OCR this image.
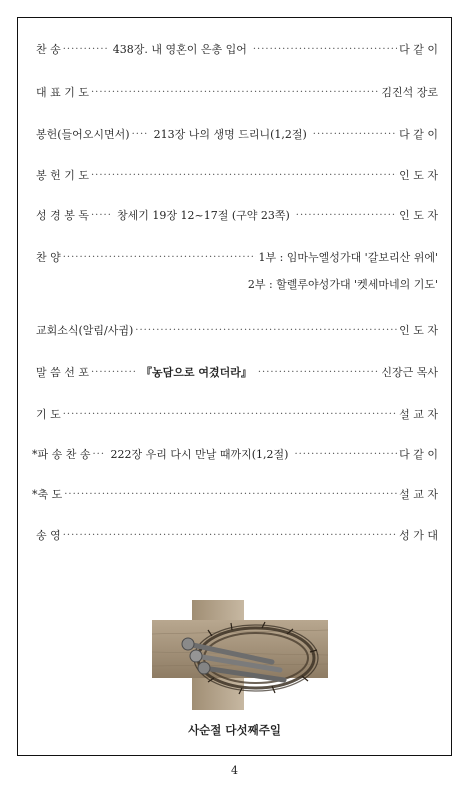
찬 송 ·····	438장. 내 영혼이 은총 입어 ·····	다 같 이
대 표 기 도 ·····	김진석 장로
봉헌(들어오시면서) ·····	213장 나의 생명 드리니(1,2절) ·····	다 같 이
봉 헌 기 도 ·····	인 도 자
성 경 봉 독 ·····	창세기 19장 12~17절 (구약 23쪽) ·····	인 도 자
찬 양 ·····	1부 : 임마누엘성가대 '갈보리산 위에'
2부 : 할렐루야성가대 '켓세마네의 기도'
교회소식(알림/사귐) ·····	인 도 자
말 씀 선 포 ·····	『농담으로 여겼더라』 ·····	신장근 목사
기 도 ·····	설 교 자
*파 송 찬 송 ·····	222장 우리 다시 만날 때까지(1,2절) ·····	다 같 이
*축 도 ·····	설 교 자
송 영 ·····	성 가 대
사순절 다섯째주일
4
